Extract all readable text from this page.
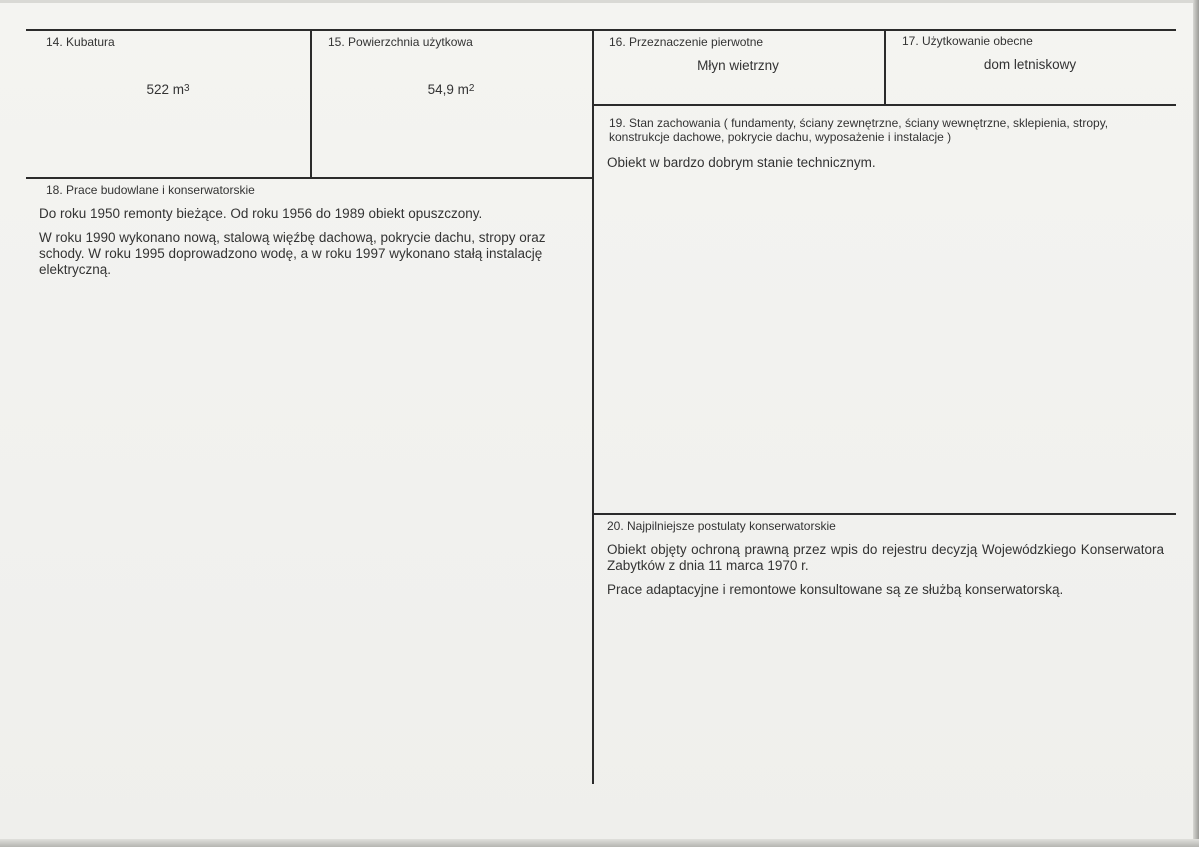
14. Kubatura
522 $m^3$
15. Powierzchnia użytkowa
54,9 $m^2$
16. Przeznaczenie pierwotne
Młyn wietrzny
17. Użytkowanie obecne
dom letniskowy
18. Prace budowlane i konserwatorskie

Do roku 1950 remonty bieżące. Od roku 1956 do 1989 obiekt opuszczony.

W roku 1990 wykonano nową, stalową więźbę dachową, pokrycie dachu, stropy oraz schody. W roku 1995 doprowadzono wodę, a w roku 1997 wykonano stałą instalację elektryczną.

19. Stan zachowania ( fundamenty, ściany zewnętrzne, ściany wewnętrzne, sklepienia, stropy, konstrukcje dachowe, pokrycie dachu, wyposażenie i instalacje )

Obiekt w bardzo dobrym stanie technicznym.

20. Najpilniejsze postulaty konserwatorskie

Obiekt objęty ochroną prawną przez wpis do rejestru decyzją Wojewódzkiego Konserwatora Zabytków z dnia 11 marca 1970 r.

Prace adaptacyjne i remontowe konsultowane są ze służbą konserwatorską.
